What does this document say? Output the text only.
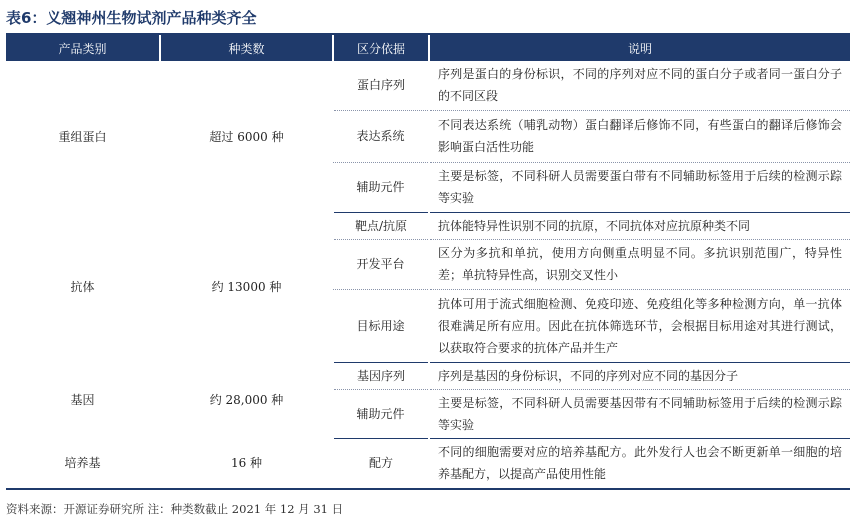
表6：义翘神州生物试剂产品种类齐全
产品类别	种类数	区分依据	说明
重组蛋白	超过 6000 种	蛋白序列	序列是蛋白的身份标识，不同的序列对应不同的蛋白分子或者同一蛋白分子的不同区段
		表达系统	不同表达系统（哺乳动物）蛋白翻译后修饰不同，有些蛋白的翻译后修饰会影响蛋白活性功能
		辅助元件	主要是标签，不同科研人员需要蛋白带有不同辅助标签用于后续的检测示踪等实验
抗体	约 13000 种	靶点/抗原	抗体能特异性识别不同的抗原，不同抗体对应抗原种类不同
		开发平台	区分为多抗和单抗，使用方向侧重点明显不同。多抗识别范围广，特异性差；单抗特异性高，识别交叉性小
		目标用途	抗体可用于流式细胞检测、免疫印迹、免疫组化等多种检测方向，单一抗体很难满足所有应用。因此在抗体筛选环节，会根据目标用途对其进行测试，以获取符合要求的抗体产品并生产
基因	约 28,000 种	基因序列	序列是基因的身份标识，不同的序列对应不同的基因分子
		辅助元件	主要是标签，不同科研人员需要基因带有不同辅助标签用于后续的检测示踪等实验
培养基	16 种	配方	不同的细胞需要对应的培养基配方。此外发行人也会不断更新单一细胞的培养基配方，以提高产品使用性能
资料来源：开源证券研究所 注：种类数截止 2021 年 12 月 31 日
